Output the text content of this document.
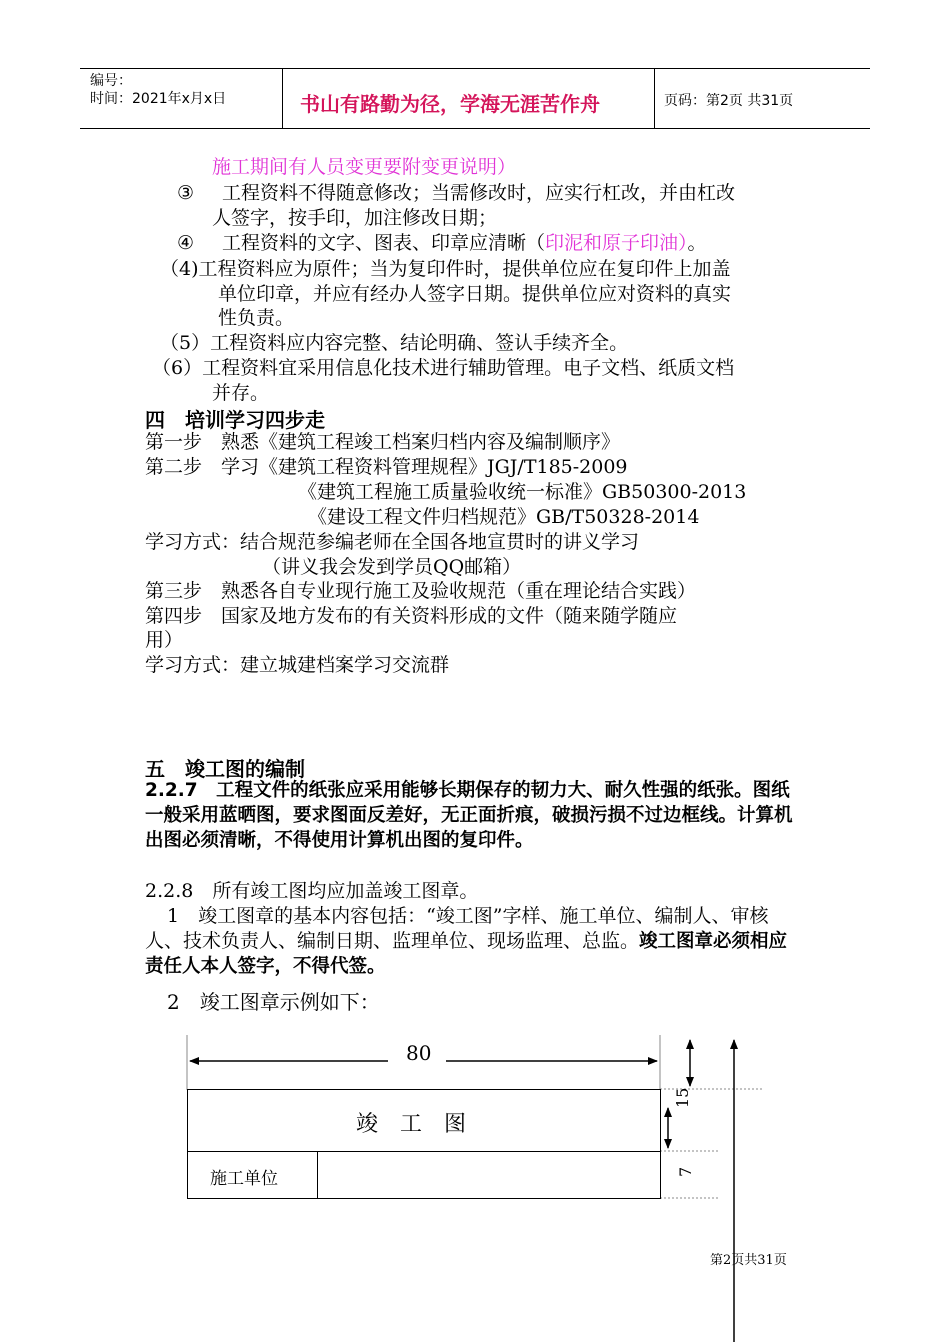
编号：
时间：2021年x月x日	书山有路勤为径，学海无涯苦作舟	页码：第2页 共31页
施工期间有人员变更要附变更说明）
③ 工程资料不得随意修改；当需修改时，应实行杠改，并由杠改
人签字，按手印，加注修改日期；
④ 工程资料的文字、图表、印章应清晰（印泥和原子印油）。
（4)工程资料应为原件；当为复印件时，提供单位应在复印件上加盖
单位印章，并应有经办人签字日期。提供单位应对资料的真实
性负责。
（5）工程资料应内容完整、结论明确、签认手续齐全。
（6）工程资料宜采用信息化技术进行辅助管理。电子文档、纸质文档
并存。
四　培训学习四步走
第一步　熟悉《建筑工程竣工档案归档内容及编制顺序》
第二步　学习《建筑工程资料管理规程》JGJ/T185-2009
《建筑工程施工质量验收统一标准》GB50300-2013
《建设工程文件归档规范》GB/T50328-2014
学习方式：结合规范参编老师在全国各地宣贯时的讲义学习
（讲义我会发到学员QQ邮箱）
第三步　熟悉各自专业现行施工及验收规范（重在理论结合实践）
第四步　国家及地方发布的有关资料形成的文件（随来随学随应
用）
学习方式：建立城建档案学习交流群
五　竣工图的编制
2.2.7　工程文件的纸张应采用能够长期保存的韧力大、耐久性强的纸张。图纸一般采用蓝晒图，要求图面反差好，无正面折痕，破损污损不过边框线。计算机出图必须清晰，不得使用计算机出图的复印件。
2.2.8　所有竣工图均应加盖竣工图章。
1　竣工图章的基本内容包括：“竣工图”字样、施工单位、编制人、审核人、技术负责人、编制日期、监理单位、现场监理、总监。竣工图章必须相应责任人本人签字，不得代签。
2　竣工图章示例如下：
80
竣　工　图
施工单位
15
7
第2页共31页
